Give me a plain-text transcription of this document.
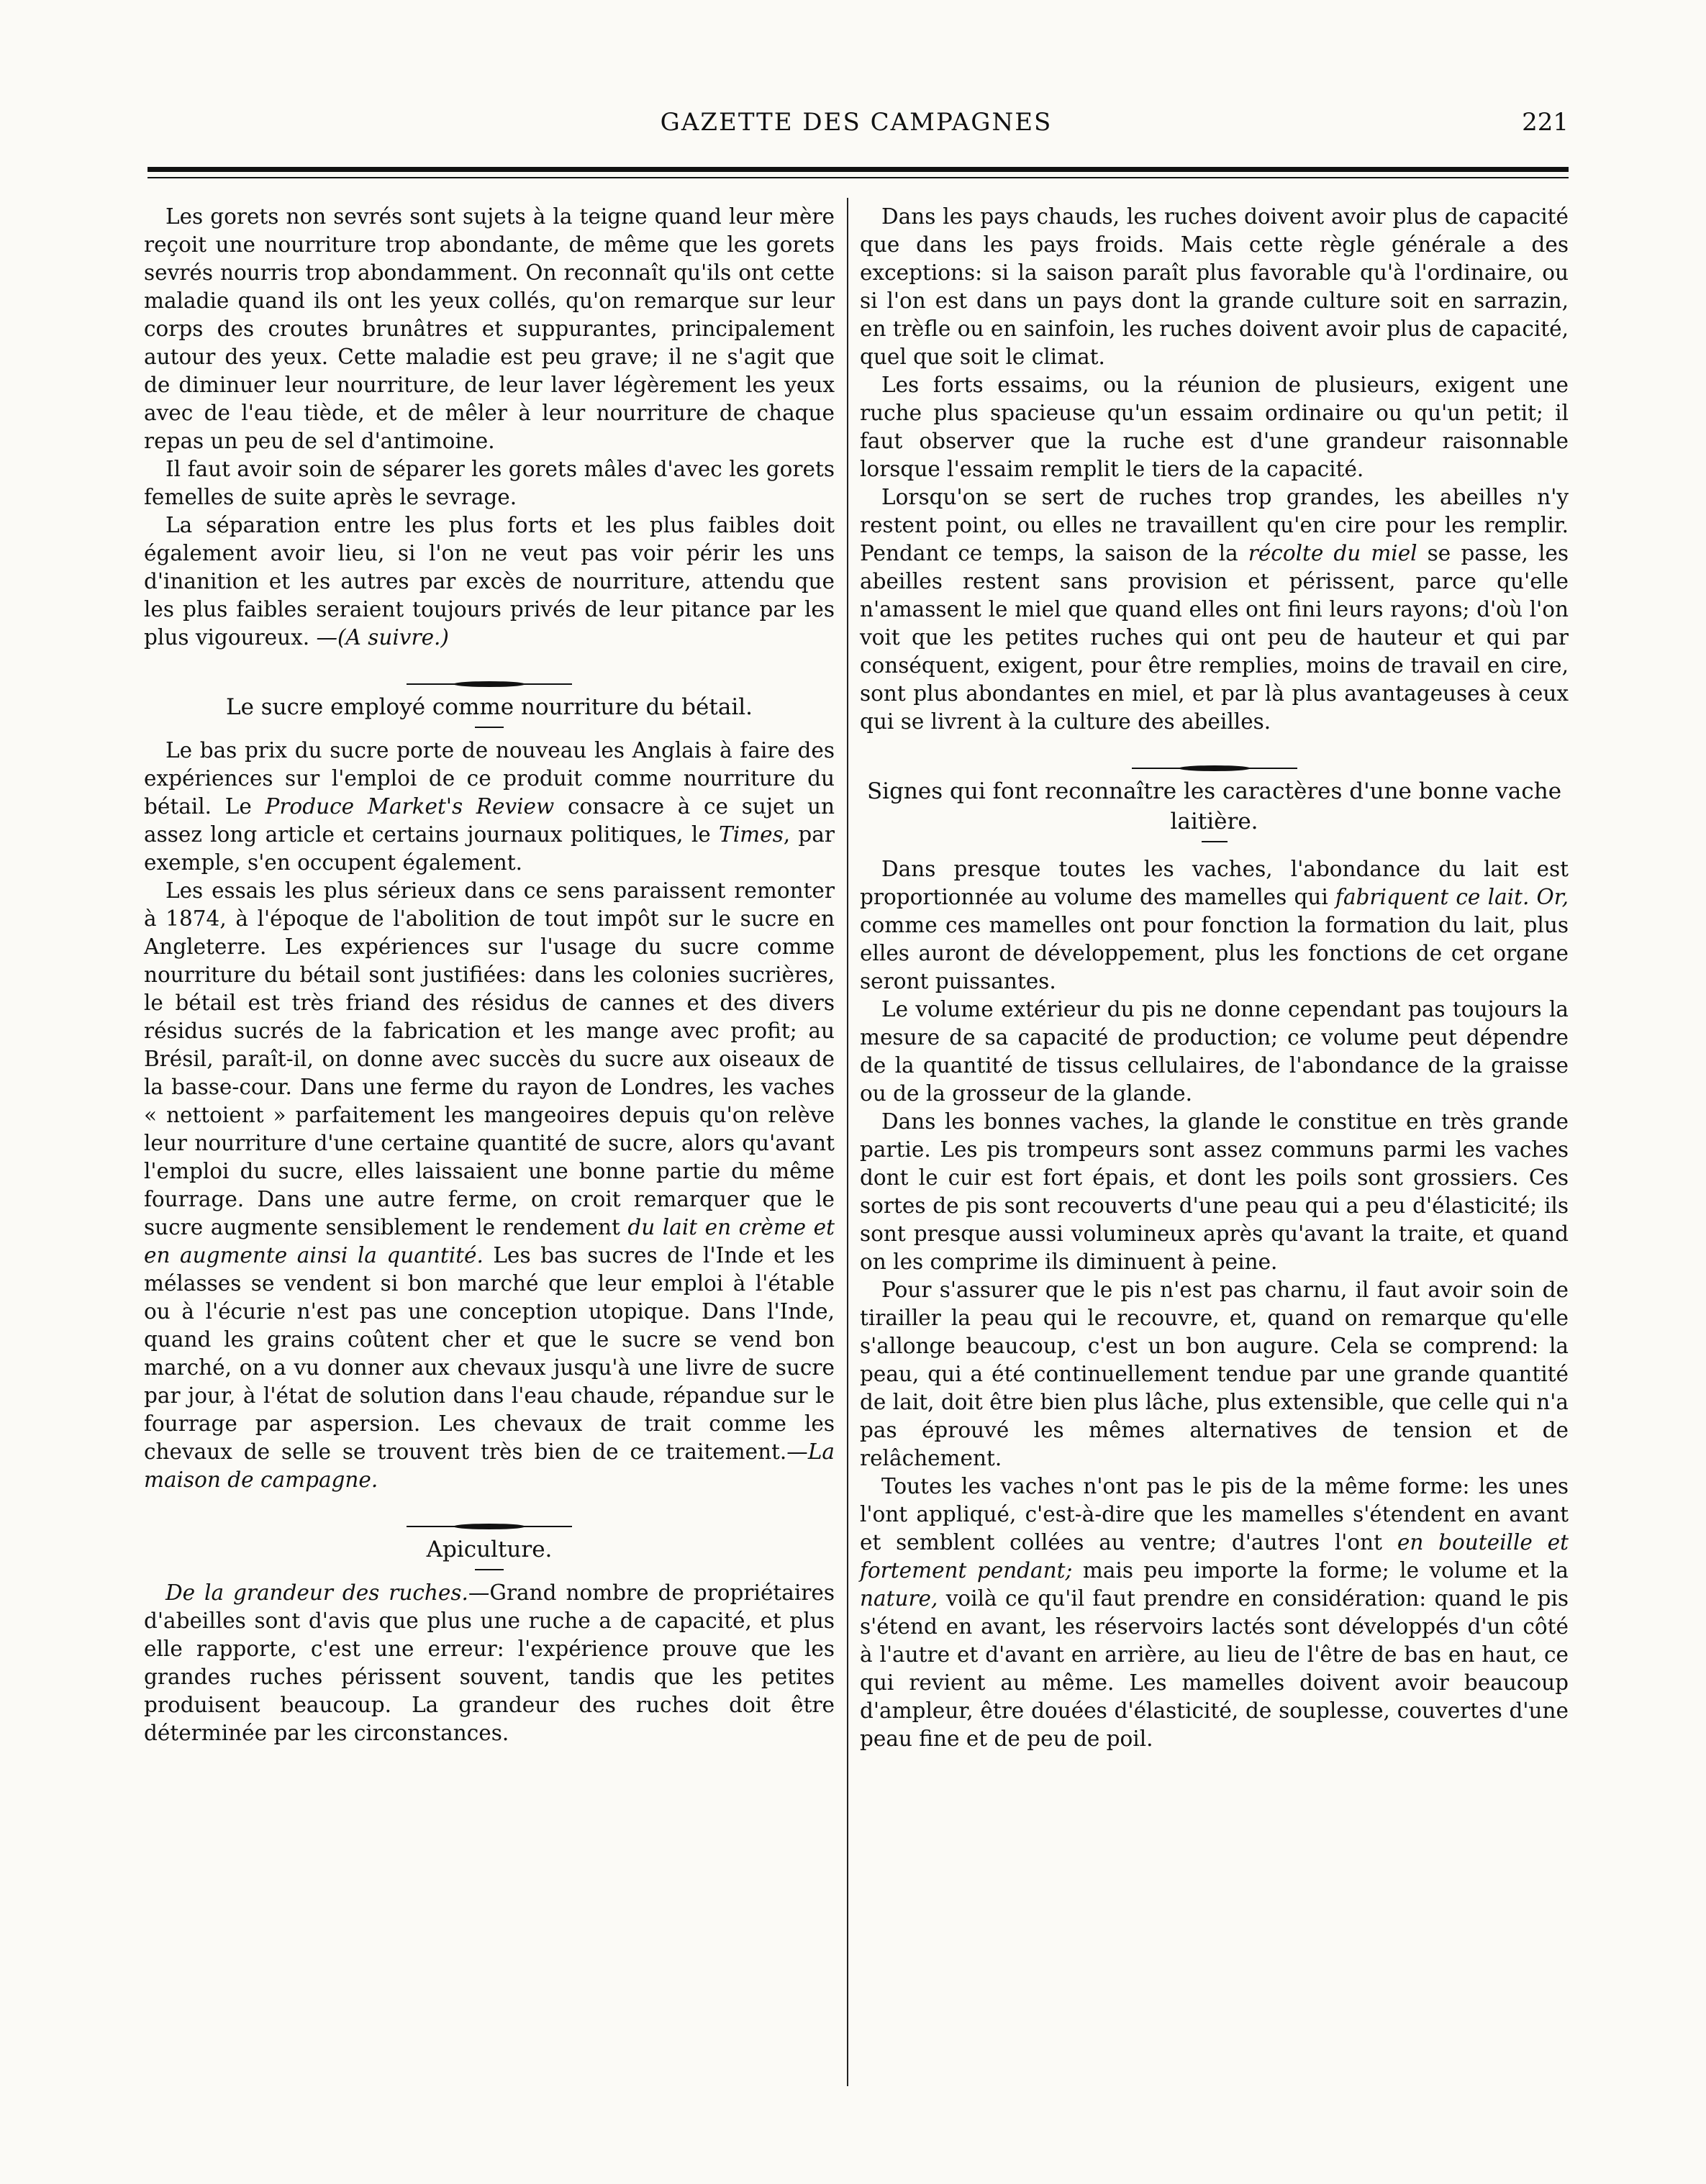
GAZETTE DES CAMPAGNES	221

Les gorets non sevrés sont sujets à la teigne quand leur mère reçoit une nourriture trop abondante, de même que les gorets sevrés nourris trop abondamment. On reconnaît qu'ils ont cette maladie quand ils ont les yeux collés, qu'on remarque sur leur corps des croutes brunâtres et suppurantes, principalement autour des yeux. Cette maladie est peu grave; il ne s'agit que de diminuer leur nourriture, de leur laver légèrement les yeux avec de l'eau tiède, et de mêler à leur nourriture de chaque repas un peu de sel d'antimoine.

Il faut avoir soin de séparer les gorets mâles d'avec les gorets femelles de suite après le sevrage.

La séparation entre les plus forts et les plus faibles doit également avoir lieu, si l'on ne veut pas voir périr les uns d'inanition et les autres par excès de nourriture, attendu que les plus faibles seraient toujours privés de leur pitance par les plus vigoureux. —(A suivre.)

Le sucre employé comme nourriture du bétail.

Le bas prix du sucre porte de nouveau les Anglais à faire des expériences sur l'emploi de ce produit comme nourriture du bétail. Le Produce Market's Review consacre à ce sujet un assez long article et certains journaux politiques, le Times, par exemple, s'en occupent également.

Les essais les plus sérieux dans ce sens paraissent remonter à 1874, à l'époque de l'abolition de tout impôt sur le sucre en Angleterre. Les expériences sur l'usage du sucre comme nourriture du bétail sont justifiées: dans les colonies sucrières, le bétail est très friand des résidus de cannes et des divers résidus sucrés de la fabrication et les mange avec profit; au Brésil, paraît-il, on donne avec succès du sucre aux oiseaux de la basse-cour. Dans une ferme du rayon de Londres, les vaches « nettoient » parfaitement les mangeoires depuis qu'on relève leur nourriture d'une certaine quantité de sucre, alors qu'avant l'emploi du sucre, elles laissaient une bonne partie du même fourrage. Dans une autre ferme, on croit remarquer que le sucre augmente sensiblement le rendement du lait en crème et en augmente ainsi la quantité. Les bas sucres de l'Inde et les mélasses se vendent si bon marché que leur emploi à l'étable ou à l'écurie n'est pas une conception utopique. Dans l'Inde, quand les grains coûtent cher et que le sucre se vend bon marché, on a vu donner aux chevaux jusqu'à une livre de sucre par jour, à l'état de solution dans l'eau chaude, répandue sur le fourrage par aspersion. Les chevaux de trait comme les chevaux de selle se trouvent très bien de ce traitement.—La maison de campagne.

Apiculture.

De la grandeur des ruches.—Grand nombre de propriétaires d'abeilles sont d'avis que plus une ruche a de capacité, et plus elle rapporte, c'est une erreur: l'expérience prouve que les grandes ruches périssent souvent, tandis que les petites produisent beaucoup. La grandeur des ruches doit être déterminée par les circonstances.

Dans les pays chauds, les ruches doivent avoir plus de capacité que dans les pays froids. Mais cette règle générale a des exceptions: si la saison paraît plus favorable qu'à l'ordinaire, ou si l'on est dans un pays dont la grande culture soit en sarrazin, en trèfle ou en sainfoin, les ruches doivent avoir plus de capacité, quel que soit le climat.

Les forts essaims, ou la réunion de plusieurs, exigent une ruche plus spacieuse qu'un essaim ordinaire ou qu'un petit; il faut observer que la ruche est d'une grandeur raisonnable lorsque l'essaim remplit le tiers de la capacité.

Lorsqu'on se sert de ruches trop grandes, les abeilles n'y restent point, ou elles ne travaillent qu'en cire pour les remplir. Pendant ce temps, la saison de la récolte du miel se passe, les abeilles restent sans provision et périssent, parce qu'elle n'amassent le miel que quand elles ont fini leurs rayons; d'où l'on voit que les petites ruches qui ont peu de hauteur et qui par conséquent, exigent, pour être remplies, moins de travail en cire, sont plus abondantes en miel, et par là plus avantageuses à ceux qui se livrent à la culture des abeilles.

Signes qui font reconnaître les caractères d'une bonne vache laitière.

Dans presque toutes les vaches, l'abondance du lait est proportionnée au volume des mamelles qui fabriquent ce lait. Or, comme ces mamelles ont pour fonction la formation du lait, plus elles auront de développement, plus les fonctions de cet organe seront puissantes.

Le volume extérieur du pis ne donne cependant pas toujours la mesure de sa capacité de production; ce volume peut dépendre de la quantité de tissus cellulaires, de l'abondance de la graisse ou de la grosseur de la glande.

Dans les bonnes vaches, la glande le constitue en très grande partie. Les pis trompeurs sont assez communs parmi les vaches dont le cuir est fort épais, et dont les poils sont grossiers. Ces sortes de pis sont recouverts d'une peau qui a peu d'élasticité; ils sont presque aussi volumineux après qu'avant la traite, et quand on les comprime ils diminuent à peine.

Pour s'assurer que le pis n'est pas charnu, il faut avoir soin de tirailler la peau qui le recouvre, et, quand on remarque qu'elle s'allonge beaucoup, c'est un bon augure. Cela se comprend: la peau, qui a été continuellement tendue par une grande quantité de lait, doit être bien plus lâche, plus extensible, que celle qui n'a pas éprouvé les mêmes alternatives de tension et de relâchement.

Toutes les vaches n'ont pas le pis de la même forme: les unes l'ont appliqué, c'est-à-dire que les mamelles s'étendent en avant et semblent collées au ventre; d'autres l'ont en bouteille et fortement pendant; mais peu importe la forme; le volume et la nature, voilà ce qu'il faut prendre en considération: quand le pis s'étend en avant, les réservoirs lactés sont développés d'un côté à l'autre et d'avant en arrière, au lieu de l'être de bas en haut, ce qui revient au même. Les mamelles doivent avoir beaucoup d'ampleur, être douées d'élasticité, de souplesse, couvertes d'une peau fine et de peu de poil.
